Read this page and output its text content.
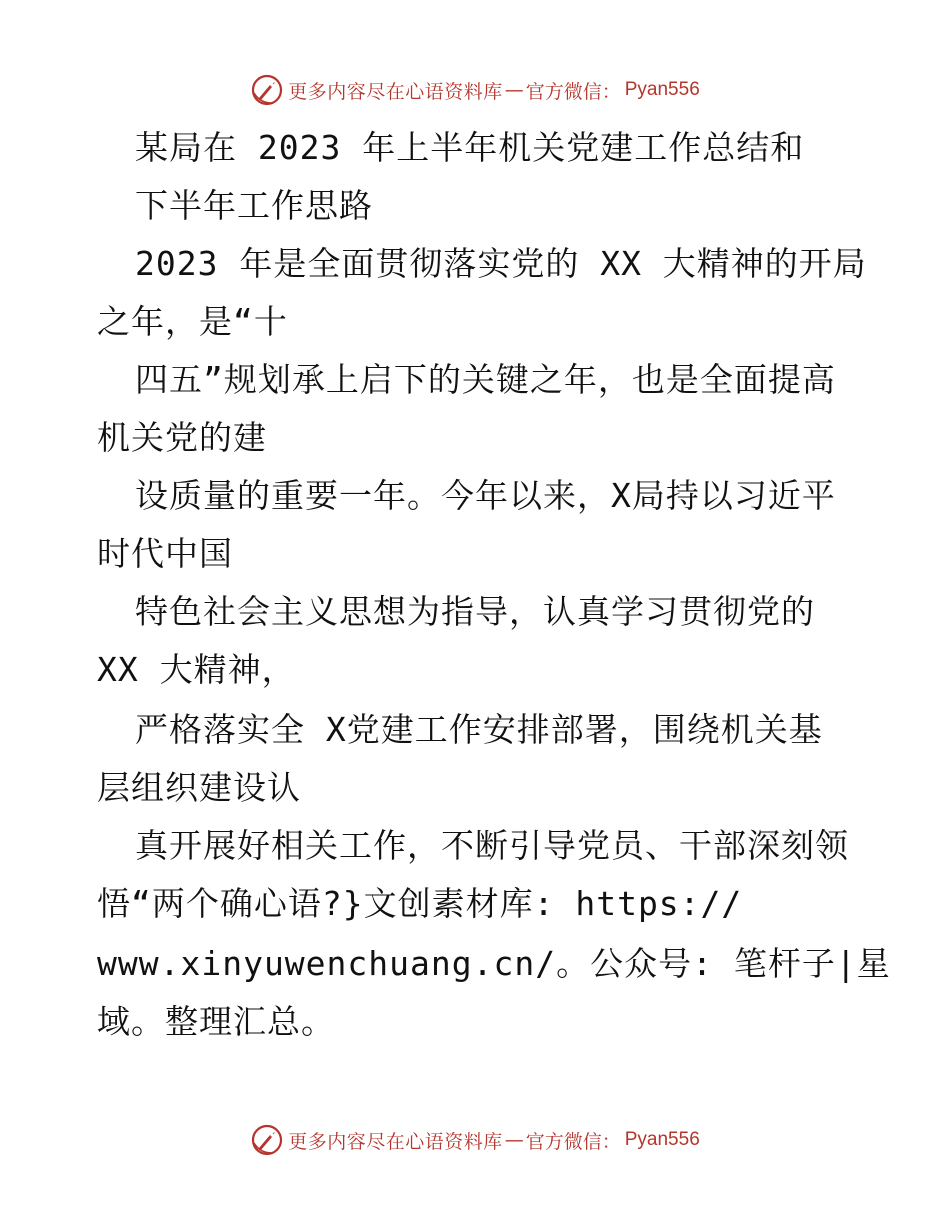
更多内容尽在心语资料库 — 官方微信： Pyan556
某局在 2023 年上半年机关党建工作总结和
下半年工作思路
2023 年是全面贯彻落实党的 XX 大精神的开局
之年，是“十
四五”规划承上启下的关键之年，也是全面提高
机关党的建
设质量的重要一年。今年以来，X局持以习近平
时代中国
特色社会主义思想为指导，认真学习贯彻党的
XX 大精神，
严格落实全 X党建工作安排部署，围绕机关基
层组织建设认
真开展好相关工作，不断引导党员、干部深刻领
悟“两个确心语?}文创素材库: https://
www.xinyuwenchuang.cn/。公众号: 笔杆子|星
域。整理汇总。
更多内容尽在心语资料库 — 官方微信： Pyan556
